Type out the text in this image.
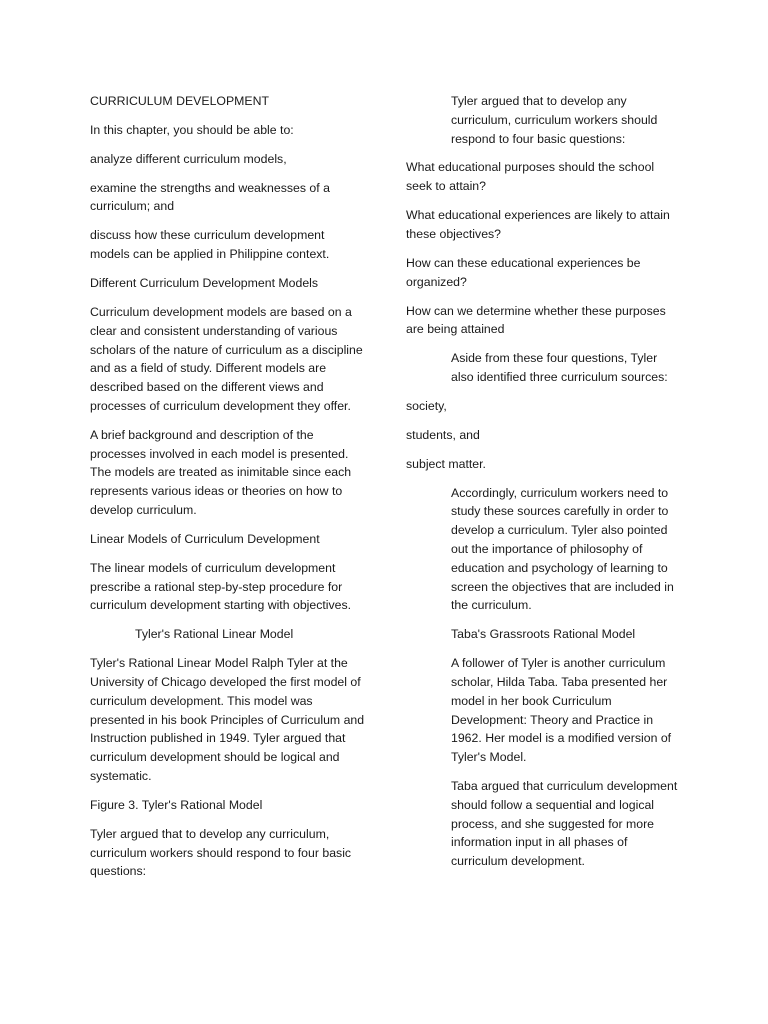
CURRICULUM DEVELOPMENT

In this chapter, you should be able to:

analyze different curriculum models,

examine the strengths and weaknesses of a curriculum; and

discuss how these curriculum development models can be applied in Philippine context.

Different Curriculum Development Models

Curriculum development models are based on a clear and consistent understanding of various scholars of the nature of curriculum as a discipline and as a field of study. Different models are described based on the different views and processes of curriculum development they offer.

A brief background and description of the processes involved in each model is presented. The models are treated as inimitable since each represents various ideas or theories on how to develop curriculum.

Linear Models of Curriculum Development

The linear models of curriculum development prescribe a rational step-by-step procedure for curriculum development starting with objectives.

Tyler's Rational Linear Model

Tyler's Rational Linear Model Ralph Tyler at the University of Chicago developed the first model of curriculum development. This model was presented in his book Principles of Curriculum and Instruction published in 1949. Tyler argued that curriculum development should be logical and systematic.

Figure 3. Tyler's Rational Model

Tyler argued that to develop any curriculum, curriculum workers should respond to four basic questions:

Tyler argued that to develop any curriculum, curriculum workers should respond to four basic questions:

What educational purposes should the school seek to attain?

What educational experiences are likely to attain these objectives?

How can these educational experiences be organized?

How can we determine whether these purposes are being attained

Aside from these four questions, Tyler also identified three curriculum sources:

society,

students, and

subject matter.

Accordingly, curriculum workers need to study these sources carefully in order to develop a curriculum. Tyler also pointed out the importance of philosophy of education and psychology of learning to screen the objectives that are included in the curriculum.

Taba's Grassroots Rational Model

A follower of Tyler is another curriculum scholar, Hilda Taba. Taba presented her model in her book Curriculum Development: Theory and Practice in 1962. Her model is a modified version of Tyler's Model.

Taba argued that curriculum development should follow a sequential and logical process, and she suggested for more information input in all phases of curriculum development.
